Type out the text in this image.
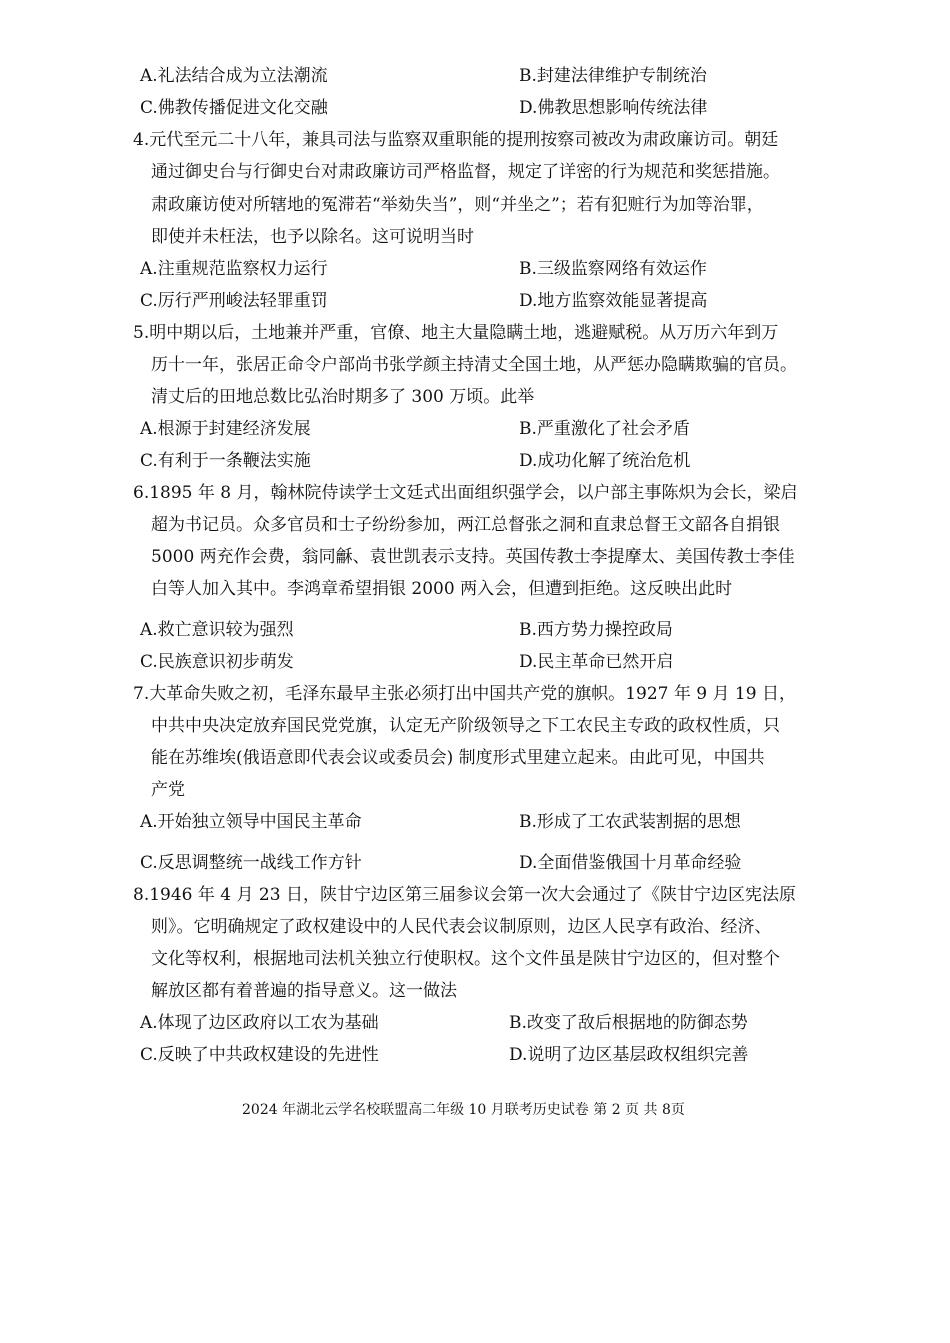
A.礼法结合成为立法潮流	B.封建法律维护专制统治
C.佛教传播促进文化交融	D.佛教思想影响传统法律
4.元代至元二十八年，兼具司法与监察双重职能的提刑按察司被改为肃政廉访司。朝廷
通过御史台与行御史台对肃政廉访司严格监督，规定了详密的行为规范和奖惩措施。
肃政廉访使对所辖地的冤滞若“举劾失当”，则“并坐之”；若有犯赃行为加等治罪，
即使并未枉法，也予以除名。这可说明当时
A.注重规范监察权力运行	B.三级监察网络有效运作
C.厉行严刑峻法轻罪重罚	D.地方监察效能显著提高
5.明中期以后，土地兼并严重，官僚、地主大量隐瞒土地，逃避赋税。从万历六年到万
历十一年，张居正命令户部尚书张学颜主持清丈全国土地，从严惩办隐瞒欺骗的官员。
清丈后的田地总数比弘治时期多了 300 万顷。此举
A.根源于封建经济发展	B.严重激化了社会矛盾
C.有利于一条鞭法实施	D.成功化解了统治危机
6.1895 年 8 月，翰林院侍读学士文廷式出面组织强学会，以户部主事陈炽为会长，梁启
超为书记员。众多官员和士子纷纷参加，两江总督张之洞和直隶总督王文韶各自捐银
5000 两充作会费，翁同龢、袁世凯表示支持。英国传教士李提摩太、美国传教士李佳
白等人加入其中。李鸿章希望捐银 2000 两入会，但遭到拒绝。这反映出此时
A.救亡意识较为强烈	B.西方势力操控政局
C.民族意识初步萌发	D.民主革命已然开启
7.大革命失败之初，毛泽东最早主张必须打出中国共产党的旗帜。1927 年 9 月 19 日，
中共中央决定放弃国民党党旗，认定无产阶级领导之下工农民主专政的政权性质，只
能在苏维埃(俄语意即代表会议或委员会) 制度形式里建立起来。由此可见，中国共
产党
A.开始独立领导中国民主革命	B.形成了工农武装割据的思想
C.反思调整统一战线工作方针	D.全面借鉴俄国十月革命经验
8.1946 年 4 月 23 日，陕甘宁边区第三届参议会第一次大会通过了《陕甘宁边区宪法原
则》。它明确规定了政权建设中的人民代表会议制原则，边区人民享有政治、经济、
文化等权利，根据地司法机关独立行使职权。这个文件虽是陕甘宁边区的，但对整个
解放区都有着普遍的指导意义。这一做法
A.体现了边区政府以工农为基础	B.改变了敌后根据地的防御态势
C.反映了中共政权建设的先进性	D.说明了边区基层政权组织完善
2024 年湖北云学名校联盟高二年级 10 月联考历史试卷 第 2 页 共 8页
